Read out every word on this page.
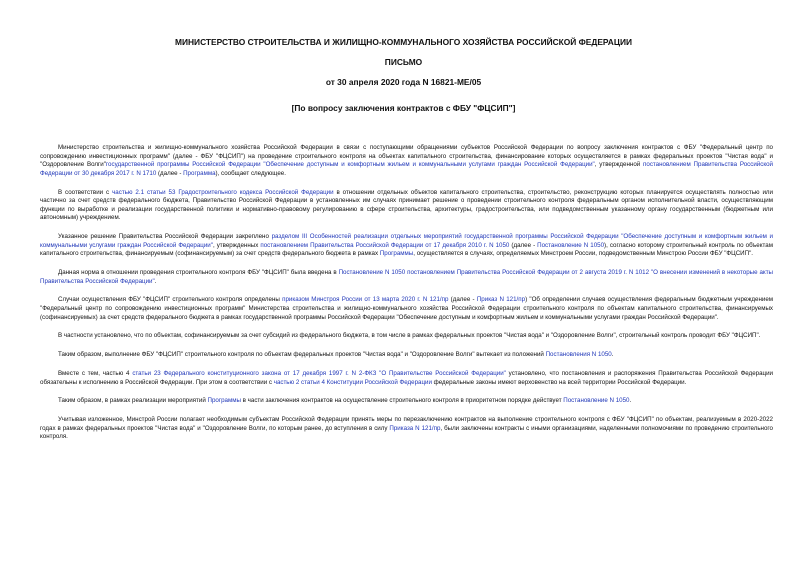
МИНИСТЕРСТВО СТРОИТЕЛЬСТВА И ЖИЛИЩНО-КОММУНАЛЬНОГО ХОЗЯЙСТВА РОССИЙСКОЙ ФЕДЕРАЦИИ
ПИСЬМО
от 30 апреля 2020 года N 16821-МЕ/05
[По вопросу заключения контрактов с ФБУ "ФЦСИП"]

Министерство строительства и жилищно-коммунального хозяйства Российской Федерации в связи с поступающими обращениями субъектов Российской Федерации по вопросу заключения контрактов с ФБУ "Федеральный центр по сопровождению инвестиционных программ" (далее - ФБУ "ФЦСИП") на проведение строительного контроля на объектах капитального строительства, финансирование которых осуществляется в рамках федеральных проектов "Чистая вода" и "Оздоровление Волги"государственной программы Российской Федерации "Обеспечение доступным и комфортным жильем и коммунальными услугами граждан Российской Федерации", утвержденной постановлением Правительства Российской Федерации от 30 декабря 2017 г. N 1710 (далее - Программа), сообщает следующее.

В соответствии с частью 2.1 статьи 53 Градостроительного кодекса Российской Федерации в отношении отдельных объектов капитального строительства, строительство, реконструкцию которых планируется осуществлять полностью или частично за счет средств федерального бюджета, Правительство Российской Федерации в установленных им случаях принимает решение о проведении строительного контроля федеральным органом исполнительной власти, осуществляющим функции по выработке и реализации государственной политики и нормативно-правовому регулированию в сфере строительства, архитектуры, градостроительства, или подведомственным указанному органу государственным (бюджетным или автономным) учреждением.

Указанное решение Правительства Российской Федерации закреплено разделом III Особенностей реализации отдельных мероприятий государственной программы Российской Федерации "Обеспечение доступным и комфортным жильем и коммунальными услугами граждан Российской Федерации", утвержденных постановлением Правительства Российской Федерации от 17 декабря 2010 г. N 1050 (далее - Постановление N 1050), согласно которому строительный контроль по объектам капитального строительства, финансируемым (софинансируемым) за счет средств федерального бюджета в рамках Программы, осуществляется в случаях, определяемых Минстроем России, подведомственным Минстрою России ФБУ "ФЦСИП".

Данная норма в отношении проведения строительного контроля ФБУ "ФЦСИП" была введена в Постановление N 1050 постановлением Правительства Российской Федерации от 2 августа 2019 г. N 1012 "О внесении изменений в некоторые акты Правительства Российской Федерации".

Случаи осуществления ФБУ "ФЦСИП" строительного контроля определены приказом Минстроя России от 13 марта 2020 г. N 121/пр (далее - Приказ N 121/пр) "Об определении случаев осуществления федеральным бюджетным учреждением "Федеральный центр по сопровождению инвестиционных программ" Министерства строительства и жилищно-коммунального хозяйства Российской Федерации строительного контроля по объектам капитального строительства, финансируемых (софинансируемых) за счет средств федерального бюджета в рамках государственной программы Российской Федерации "Обеспечение доступным и комфортным жильем и коммунальными услугами граждан Российской Федерации".

В частности установлено, что по объектам, софинансируемым за счет субсидий из федерального бюджета, в том числе в рамках федеральных проектов "Чистая вода" и "Оздоровление Волги", строительный контроль проводит ФБУ "ФЦСИП".

Таким образом, выполнение ФБУ "ФЦСИП" строительного контроля по объектам федеральных проектов "Чистая вода" и "Оздоровление Волги" вытекает из положений Постановления N 1050.

Вместе с тем, частью 4 статьи 23 Федерального конституционного закона от 17 декабря 1997 г. N 2-ФКЗ "О Правительстве Российской Федерации" установлено, что постановления и распоряжения Правительства Российской Федерации обязательны к исполнению в Российской Федерации. При этом в соответствии с частью 2 статьи 4 Конституции Российской Федерации федеральные законы имеют верховенство на всей территории Российской Федерации.

Таким образом, в рамках реализации мероприятий Программы в части заключения контрактов на осуществление строительного контроля в приоритетном порядке действует Постановление N 1050.

Учитывая изложенное, Минстрой России полагает необходимым субъектам Российской Федерации принять меры по перезаключению контрактов на выполнение строительного контроля с ФБУ "ФЦСИП" по объектам, реализуемым в 2020-2022 годах в рамках федеральных проектов "Чистая вода" и "Оздоровление Волги, по которым ранее, до вступления в силу Приказа N 121/пр, были заключены контракты с иными организациями, наделенными полномочиями по проведению строительного контроля.
